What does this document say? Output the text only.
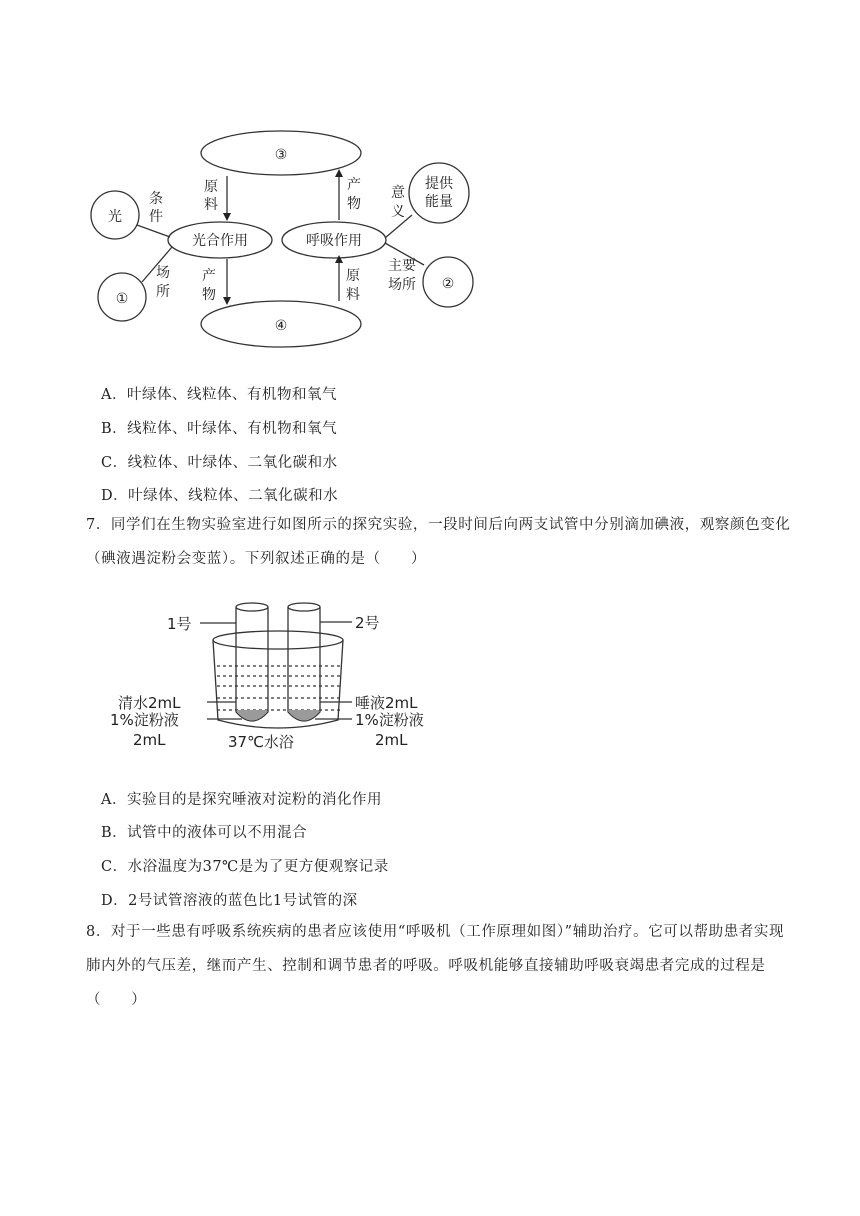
③
④
光
①
②
提供
能量
光合作用	呼吸作用
条
件
场
所
原
料
产
物
产
物
原
料
意
义
主要
场所
A．叶绿体、线粒体、有机物和氧气
B．线粒体、叶绿体、有机物和氧气
C．线粒体、叶绿体、二氧化碳和水
D．叶绿体、线粒体、二氧化碳和水
7．同学们在生物实验室进行如图所示的探究实验，一段时间后向两支试管中分别滴加碘液，观察颜色变化
（碘液遇淀粉会变蓝）。下列叙述正确的是（　　）
1号	2号
清水2mL
1%淀粉液
2mL
唾液2mL
1%淀粉液
2mL
37℃水浴
A．实验目的是探究唾液对淀粉的消化作用
B．试管中的液体可以不用混合
C．水浴温度为37℃是为了更方便观察记录
D．2号试管溶液的蓝色比1号试管的深
8．对于一些患有呼吸系统疾病的患者应该使用“呼吸机（工作原理如图）”辅助治疗。它可以帮助患者实现
肺内外的气压差，继而产生、控制和调节患者的呼吸。呼吸机能够直接辅助呼吸衰竭患者完成的过程是
（　　）
